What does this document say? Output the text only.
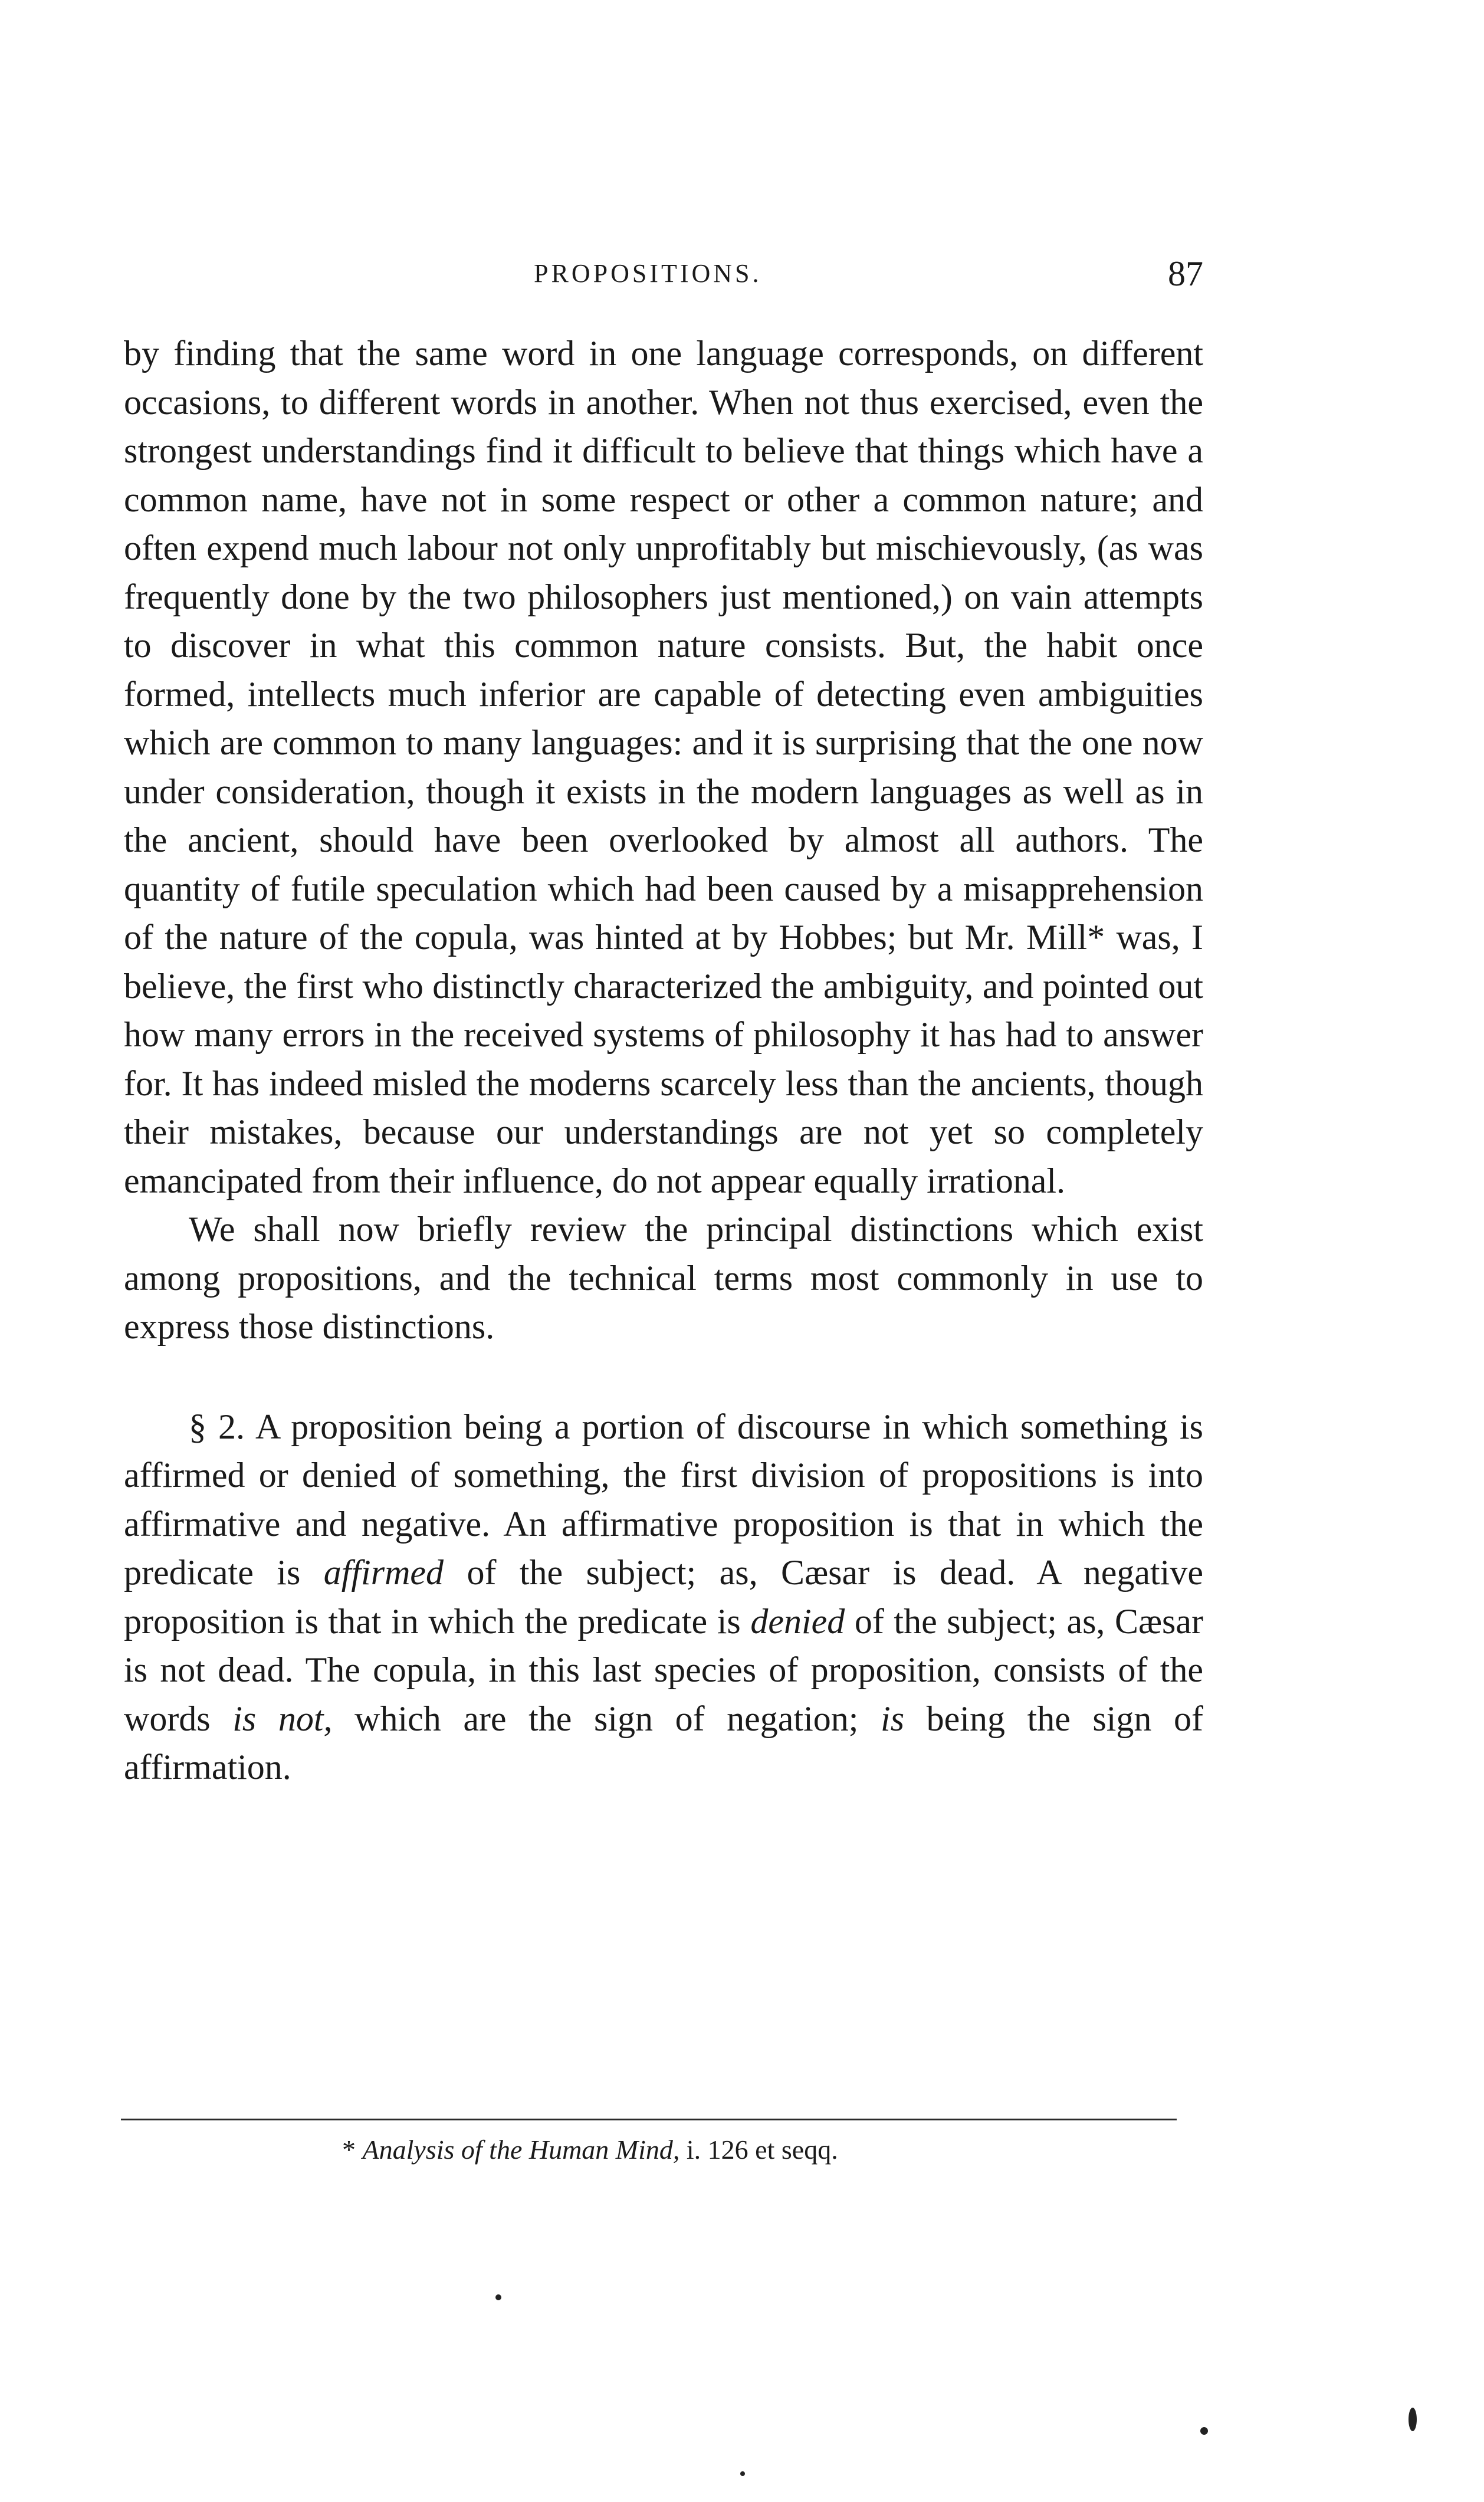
PROPOSITIONS.	87

by finding that the same word in one language corresponds, on different occasions, to different words in another. When not thus exercised, even the strongest understandings find it difficult to believe that things which have a common name, have not in some respect or other a common nature; and often expend much labour not only unprofitably but mischievously, (as was frequently done by the two philosophers just mentioned,) on vain attempts to discover in what this common nature consists. But, the habit once formed, intellects much inferior are capable of detecting even ambiguities which are common to many languages: and it is surprising that the one now under consideration, though it exists in the modern languages as well as in the ancient, should have been overlooked by almost all authors. The quantity of futile speculation which had been caused by a misapprehension of the nature of the copula, was hinted at by Hobbes; but Mr. Mill* was, I believe, the first who distinctly characterized the ambiguity, and pointed out how many errors in the received systems of philosophy it has had to answer for. It has indeed misled the moderns scarcely less than the ancients, though their mistakes, because our understandings are not yet so completely emancipated from their influence, do not appear equally irrational.

We shall now briefly review the principal distinctions which exist among propositions, and the technical terms most commonly in use to express those distinctions.

§ 2. A proposition being a portion of discourse in which something is affirmed or denied of something, the first division of propositions is into affirmative and negative. An affirmative proposition is that in which the predicate is affirmed of the subject; as, Cæsar is dead. A negative proposition is that in which the predicate is denied of the subject; as, Cæsar is not dead. The copula, in this last species of proposition, consists of the words is not, which are the sign of negation; is being the sign of affirmation.

* Analysis of the Human Mind, i. 126 et seqq.
